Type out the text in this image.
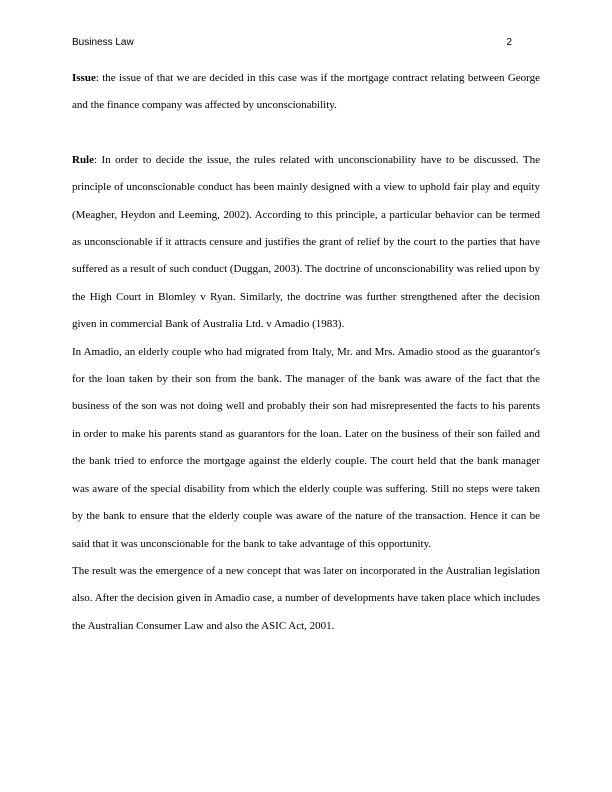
Business Law	2

Issue: the issue of that we are decided in this case was if the mortgage contract relating between George and the finance company was affected by unconscionability.

Rule: In order to decide the issue, the rules related with unconscionability have to be discussed. The principle of unconscionable conduct has been mainly designed with a view to uphold fair play and equity (Meagher, Heydon and Leeming, 2002). According to this principle, a particular behavior can be termed as unconscionable if it attracts censure and justifies the grant of relief by the court to the parties that have suffered as a result of such conduct (Duggan, 2003). The doctrine of unconscionability was relied upon by the High Court in Blomley v Ryan. Similarly, the doctrine was further strengthened after the decision given in commercial Bank of Australia Ltd. v Amadio (1983).

In Amadio, an elderly couple who had migrated from Italy, Mr. and Mrs. Amadio stood as the guarantor's for the loan taken by their son from the bank. The manager of the bank was aware of the fact that the business of the son was not doing well and probably their son had misrepresented the facts to his parents in order to make his parents stand as guarantors for the loan. Later on the business of their son failed and the bank tried to enforce the mortgage against the elderly couple. The court held that the bank manager was aware of the special disability from which the elderly couple was suffering. Still no steps were taken by the bank to ensure that the elderly couple was aware of the nature of the transaction. Hence it can be said that it was unconscionable for the bank to take advantage of this opportunity.

The result was the emergence of a new concept that was later on incorporated in the Australian legislation also. After the decision given in Amadio case, a number of developments have taken place which includes the Australian Consumer Law and also the ASIC Act, 2001.
